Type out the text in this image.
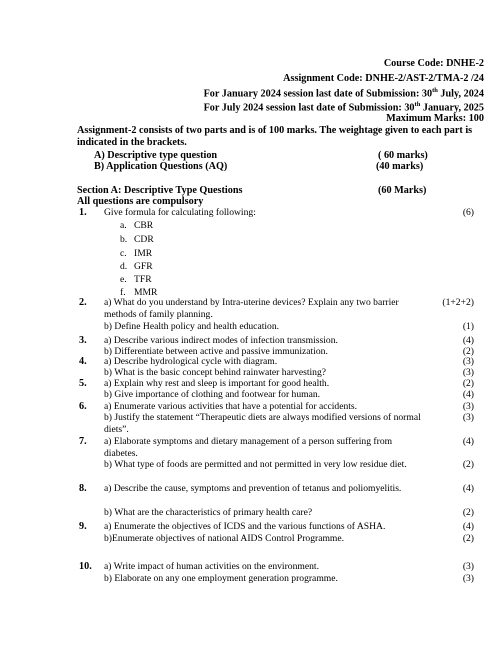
Course Code: DNHE-2
Assignment Code: DNHE-2/AST-2/TMA-2 /24
For January 2024 session last date of Submission: 30th July, 2024
For July 2024 session last date of Submission: 30th January, 2025
Maximum Marks: 100
Assignment-2 consists of two parts and is of 100 marks. The weightage given to each part is indicated in the brackets.
A) Descriptive type question	( 60 marks)
B) Application Questions (AQ)	(40 marks)
Section A: Descriptive Type Questions	(60 Marks)
All questions are compulsory
1. Give formula for calculating following:	(6)
a. CBR
b. CDR
c. IMR
d. GFR
e. TFR
f. MMR
2. a) What do you understand by Intra-uterine devices? Explain any two barrier methods of family planning.
(1+2+2)
b) Define Health policy and health education.	(1)
3. a) Describe various indirect modes of infection transmission.	(4)
b) Differentiate between active and passive immunization.	(2)
4. a) Describe hydrological cycle with diagram.	(3)
b) What is the basic concept behind rainwater harvesting?	(3)
5. a) Explain why rest and sleep is important for good health.	(2)
b) Give importance of clothing and footwear for human.	(4)
6. a) Enumerate various activities that have a potential for accidents.	(3)
b) Justify the statement “Therapeutic diets are always modified versions of normal diets”.
(3)
7. a) Elaborate symptoms and dietary management of a person suffering from diabetes.
(4)
b) What type of foods are permitted and not permitted in very low residue diet.	(2)
8. a) Describe the cause, symptoms and prevention of tetanus and poliomyelitis.	(4)
b) What are the characteristics of primary health care?	(2)
9. a) Enumerate the objectives of ICDS and the various functions of ASHA.	(4)
b)Enumerate objectives of national AIDS Control Programme.	(2)
10. a) Write impact of human activities on the environment.	(3)
b) Elaborate on any one employment generation programme.	(3)
